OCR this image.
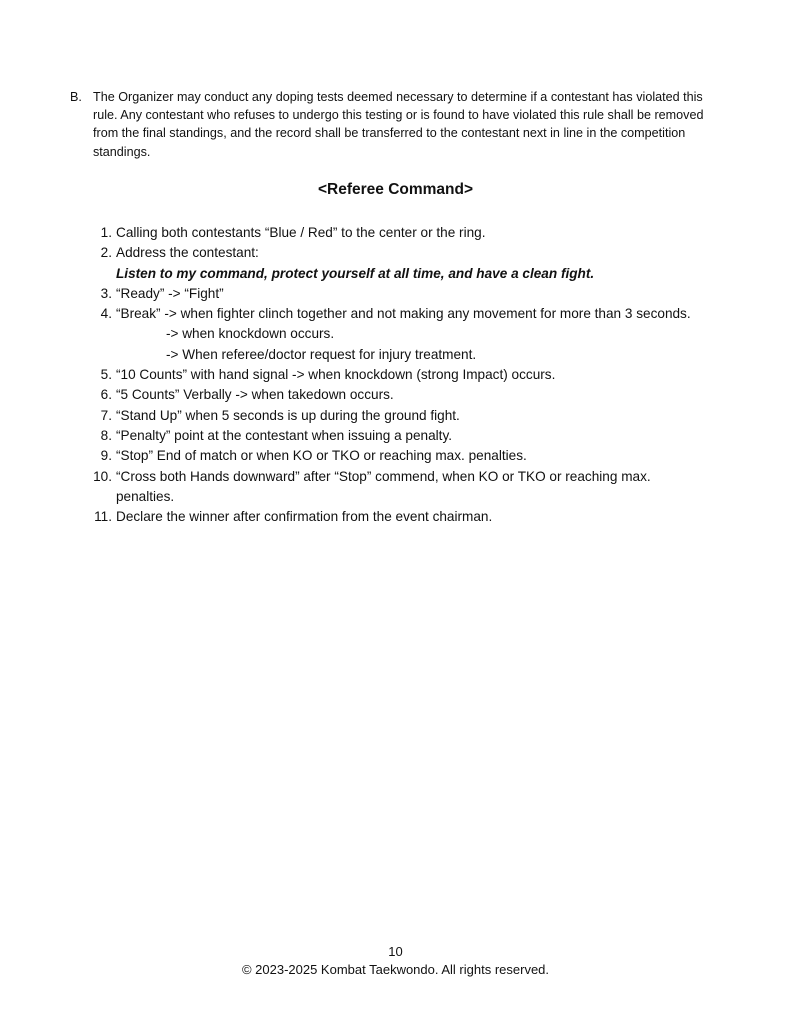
B. The Organizer may conduct any doping tests deemed necessary to determine if a contestant has violated this rule. Any contestant who refuses to undergo this testing or is found to have violated this rule shall be removed from the final standings, and the record shall be transferred to the contestant next in line in the competition standings.
<Referee Command>
1. Calling both contestants “Blue / Red” to the center or the ring.
2. Address the contestant:
Listen to my command, protect yourself at all time, and have a clean fight.
3. “Ready” -> “Fight”
4. “Break” -> when fighter clinch together and not making any movement for more than 3 seconds.
-> when knockdown occurs.
-> When referee/doctor request for injury treatment.
5. “10 Counts” with hand signal -> when knockdown (strong Impact) occurs.
6. “5 Counts” Verbally -> when takedown occurs.
7. “Stand Up” when 5 seconds is up during the ground fight.
8. “Penalty” point at the contestant when issuing a penalty.
9. “Stop” End of match or when KO or TKO or reaching max. penalties.
10. “Cross both Hands downward” after “Stop” commend, when KO or TKO or reaching max. penalties.
11. Declare the winner after confirmation from the event chairman.
10
© 2023-2025 Kombat Taekwondo. All rights reserved.
